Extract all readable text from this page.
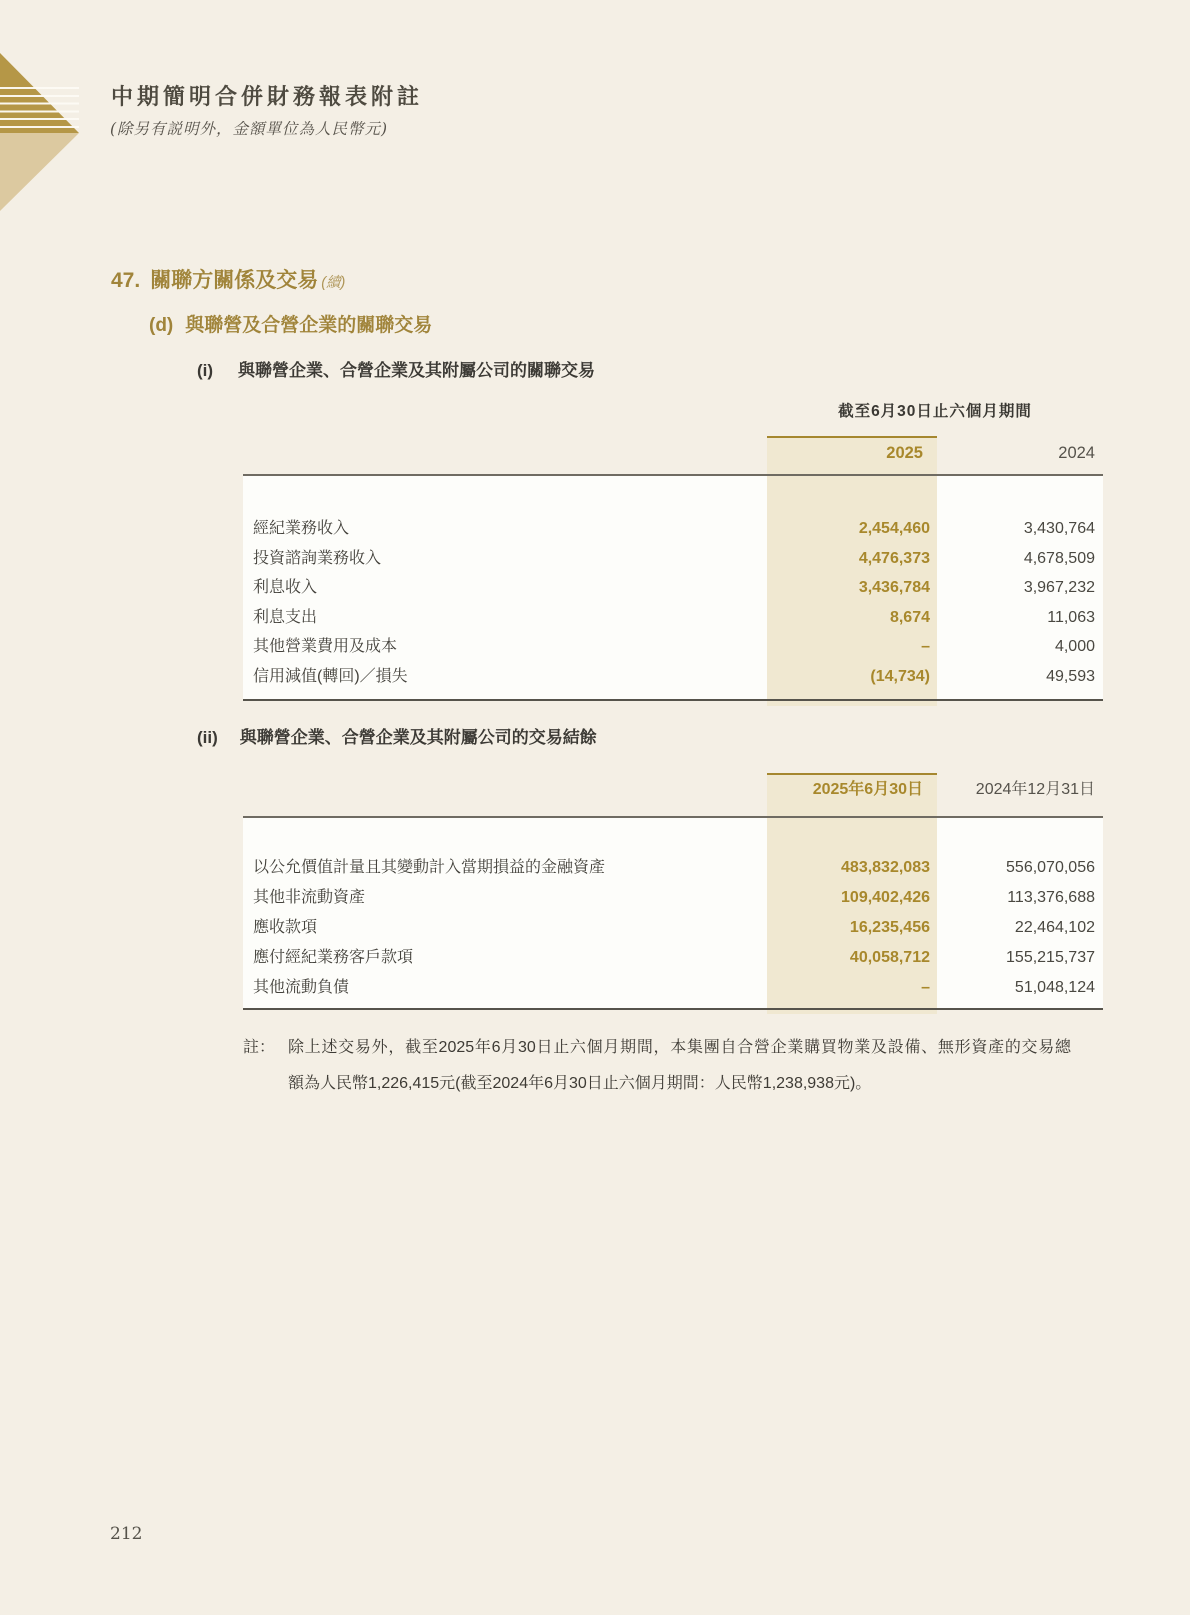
中期簡明合併財務報表附註
(除另有説明外，金額單位為人民幣元)
47. 關聯方關係及交易 (續)
(d) 與聯營及合營企業的關聯交易
(i) 與聯營企業、合營企業及其附屬公司的關聯交易
截至6月30日止六個月期間
2025	2024
經紀業務收入	2,454,460	3,430,764
投資諮詢業務收入	4,476,373	4,678,509
利息收入	3,436,784	3,967,232
利息支出	8,674	11,063
其他營業費用及成本	–	4,000
信用減值(轉回)／損失	(14,734)	49,593
(ii) 與聯營企業、合營企業及其附屬公司的交易結餘
2025年6月30日	2024年12月31日
以公允價值計量且其變動計入當期損益的金融資產	483,832,083	556,070,056
其他非流動資產	109,402,426	113,376,688
應收款項	16,235,456	22,464,102
應付經紀業務客戶款項	40,058,712	155,215,737
其他流動負債	–	51,048,124
註： 除上述交易外，截至2025年6月30日止六個月期間，本集團自合營企業購買物業及設備、無形資產的交易總
額為人民幣1,226,415元(截至2024年6月30日止六個月期間：人民幣1,238,938元)。
212
